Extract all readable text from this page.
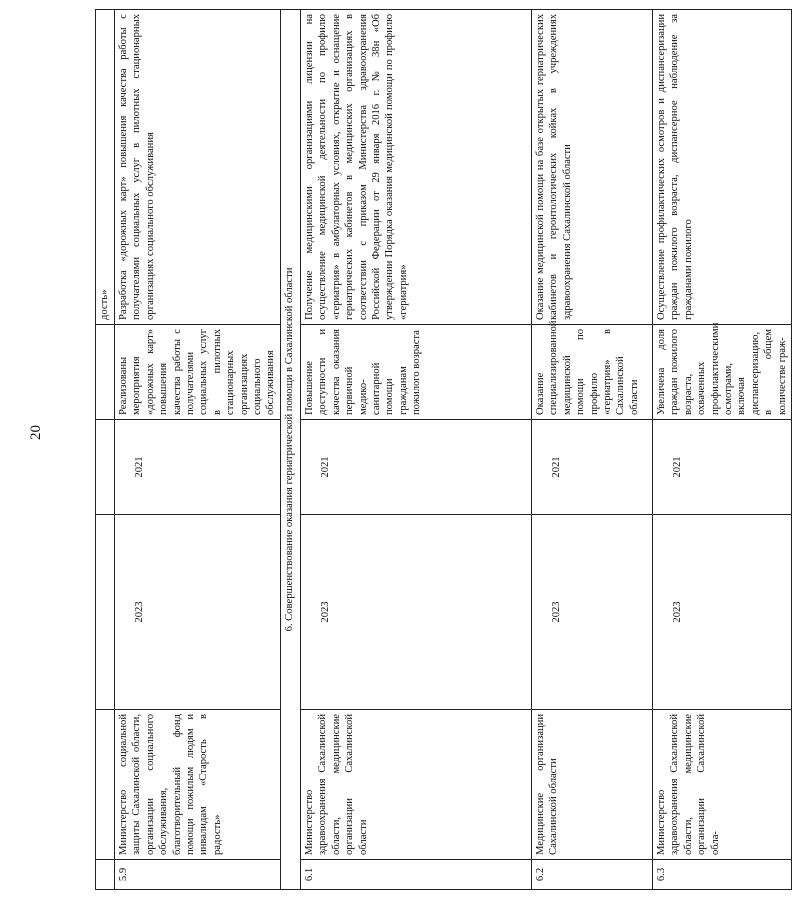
20
					дость»
5.9	Министерство социальной защиты Сахалинской области, организации социального обслуживания, благотворительный фонд помощи пожилым людям и инвалидам «Старость в радость»	2023	2021	Реализованы мероприятия «дорожных карт» повышения качества работы с получателями социальных услуг в пилотных стационарных организациях социального обслуживания	Разработка «дорожных карт» повышения качества работы с получателями социальных услуг в пилотных стационарных организациях социального обслуживания
6. Совершенствование оказания гериатрической помощи в Сахалинской области					
6.1	Министерство здравоохранения Сахалинской области, медицинские организации Сахалинской области	2023	2021	Повышение доступности и качества оказания первичной медико-санитарной помощи гражданам пожилого возраста	Получение медицинскими организациями лицензии на осуществление медицинской деятельности по профилю «гериатрия» в амбулаторных условиях, открытие и оснащение гериатрических кабинетов в медицинских организациях в соответствии с приказом Министерства здравоохранения Российской Федерации от 29 января 2016 г. № 38н «Об утверждении Порядка оказания медицинской помощи по профилю «гериатрия»
6.2	Медицинские организации Сахалинской области	2023	2021	Оказание специализированной медицинской помощи по профилю «гериатрия» в Сахалинской области	Оказание медицинской помощи на базе открытых гериатрических кабинетов и геронтологических койках в учреждениях здравоохранения Сахалинской области
6.3	Министерство здравоохранения Сахалинской области, медицинские организации Сахалинской обла-	2023	2021	Увеличена доля граждан пожилого возраста, охваченных профилактическими осмотрами, включая диспансеризацию, в общем количестве граж-	Осуществление профилактических осмотров и диспансеризации граждан пожилого возраста, диспансерное наблюдение за гражданами пожилого
